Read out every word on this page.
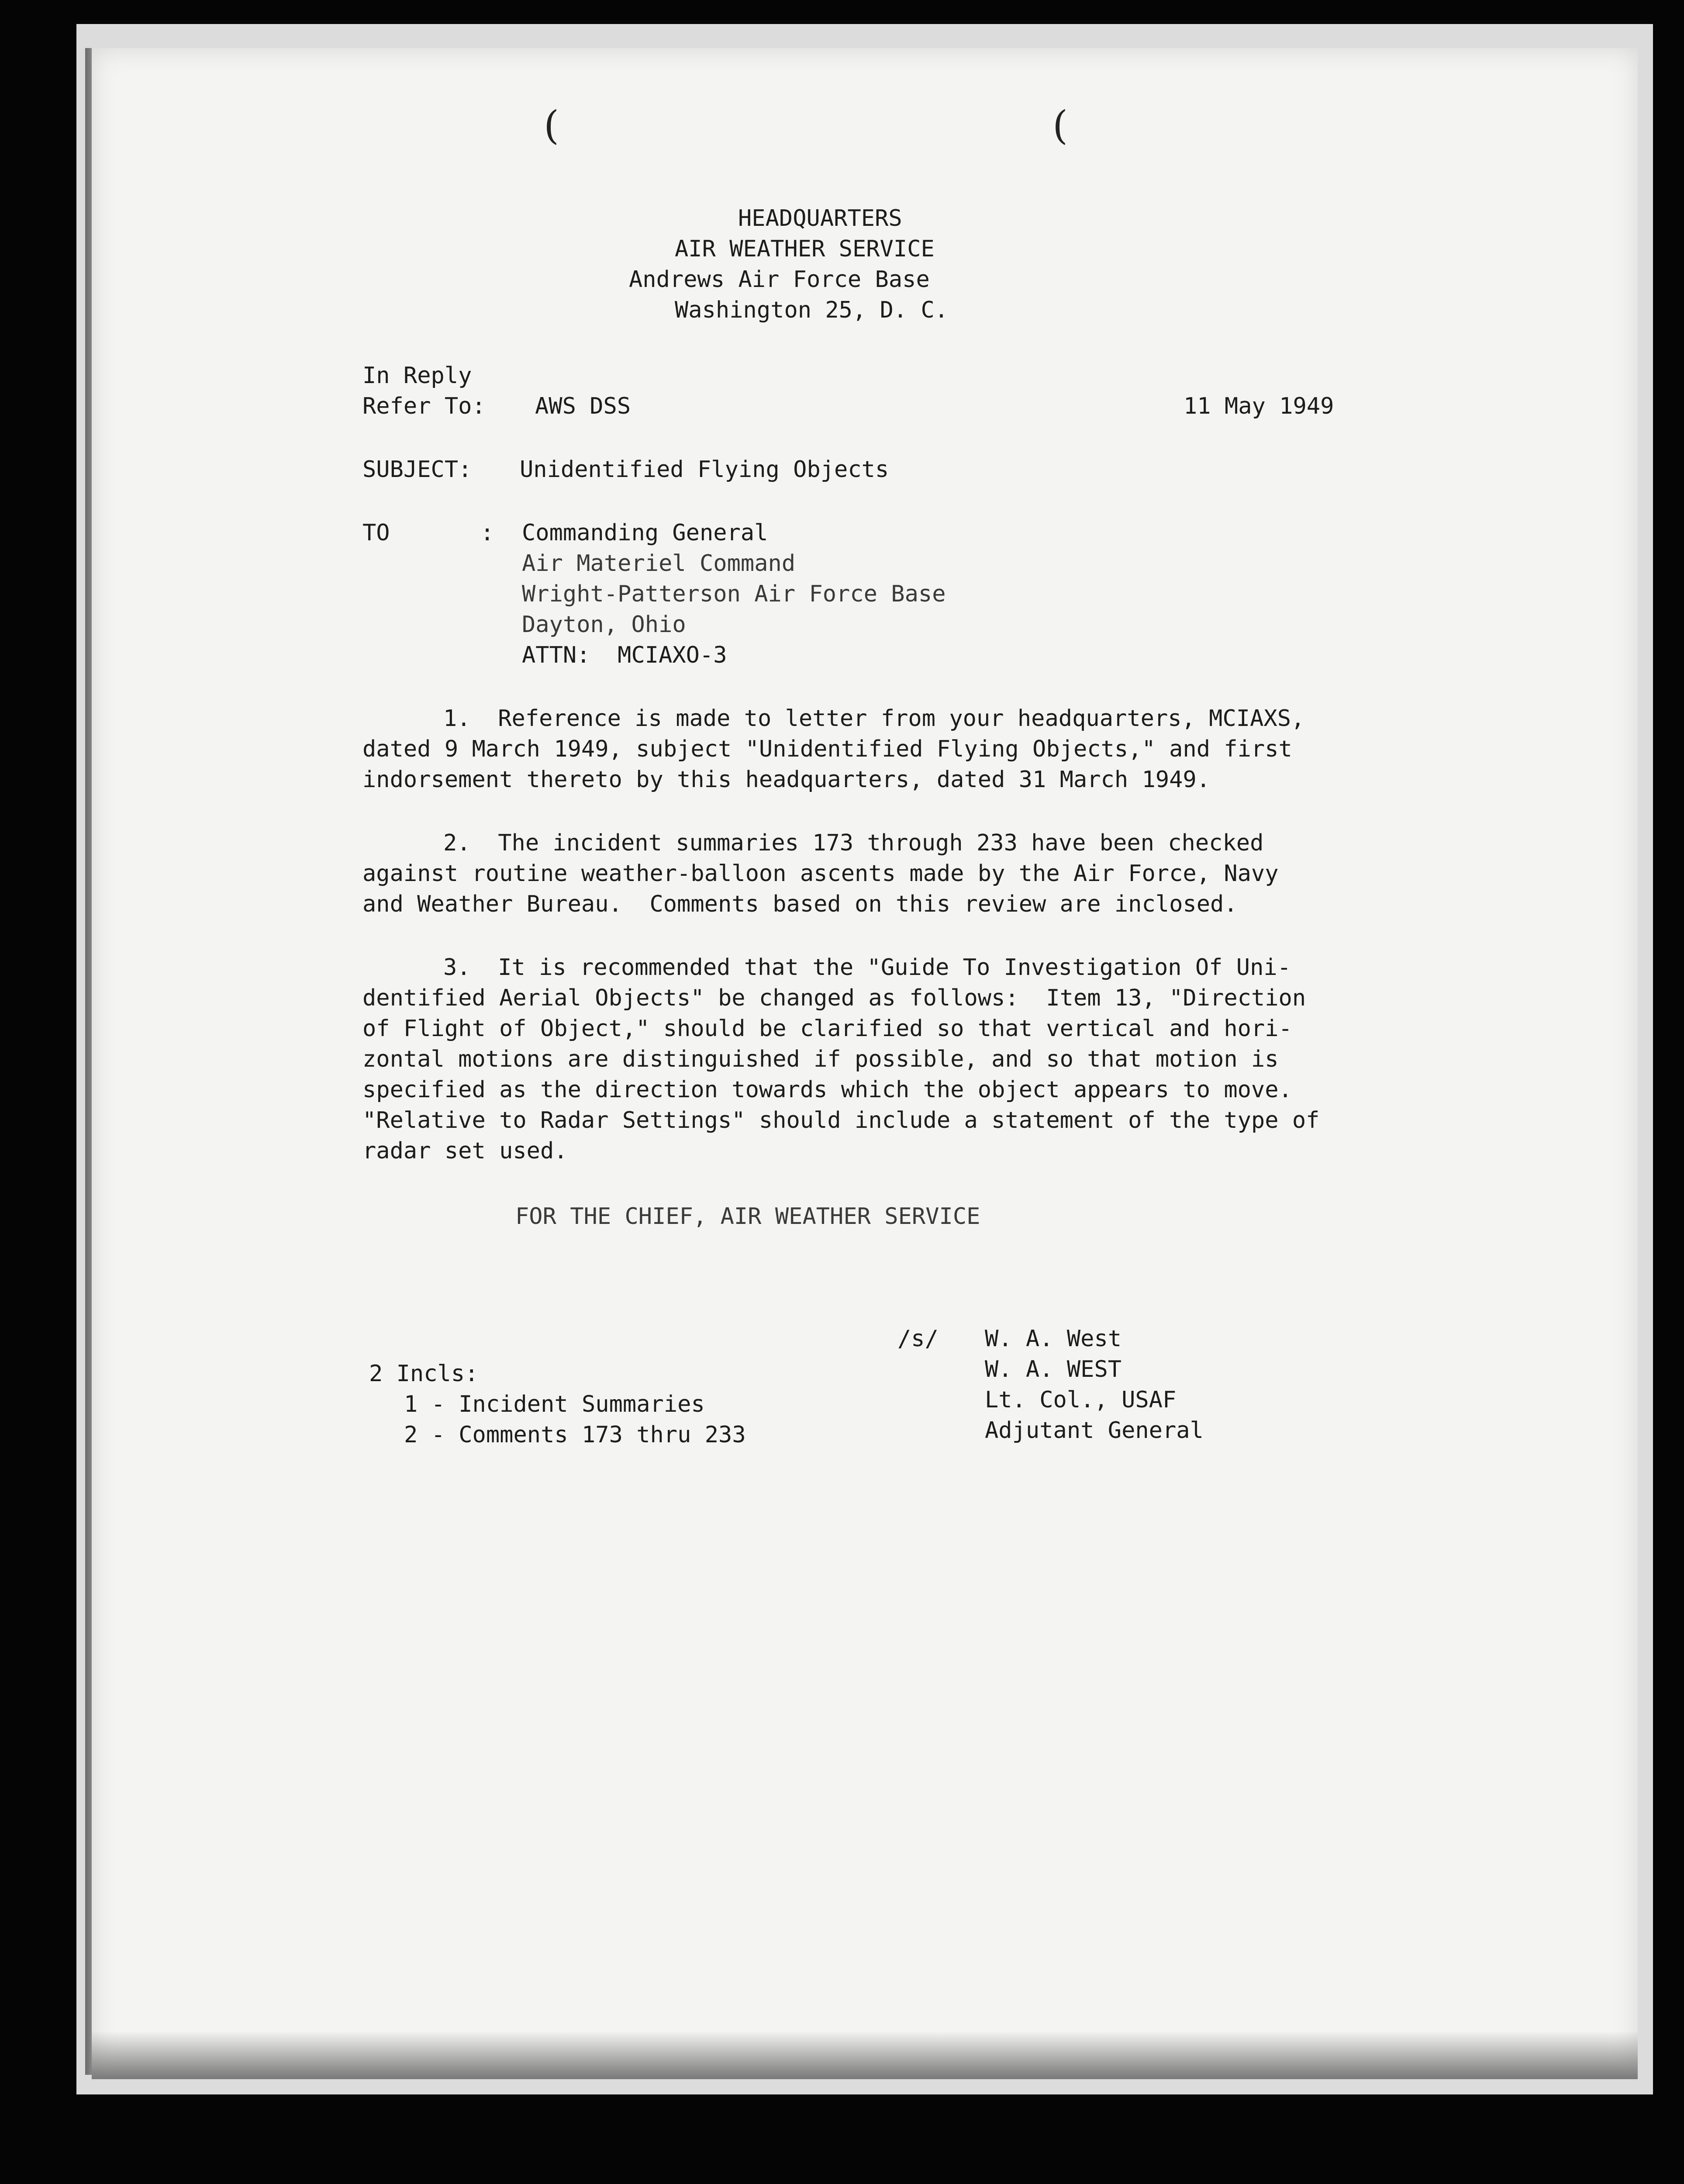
(	(
HEADQUARTERS
AIR WEATHER SERVICE
Andrews Air Force Base
Washington 25, D. C.
In Reply
Refer To: AWS DSS	11 May 1949
SUBJECT: Unidentified Flying Objects
TO	: Commanding General
Air Materiel Command
Wright-Patterson Air Force Base
Dayton, Ohio
ATTN:  MCIAXO-3
1.  Reference is made to letter from your headquarters, MCIAXS,
dated 9 March 1949, subject "Unidentified Flying Objects," and first
indorsement thereto by this headquarters, dated 31 March 1949.
2.  The incident summaries 173 through 233 have been checked
against routine weather-balloon ascents made by the Air Force, Navy
and Weather Bureau.  Comments based on this review are inclosed.
3.  It is recommended that the "Guide To Investigation Of Uni-
dentified Aerial Objects" be changed as follows:  Item 13, "Direction
of Flight of Object," should be clarified so that vertical and hori-
zontal motions are distinguished if possible, and so that motion is
specified as the direction towards which the object appears to move.
"Relative to Radar Settings" should include a statement of the type of
radar set used.
FOR THE CHIEF, AIR WEATHER SERVICE
/s/ W. A. West
W. A. WEST
Lt. Col., USAF
Adjutant General
2 Incls:
1 - Incident Summaries
2 - Comments 173 thru 233
